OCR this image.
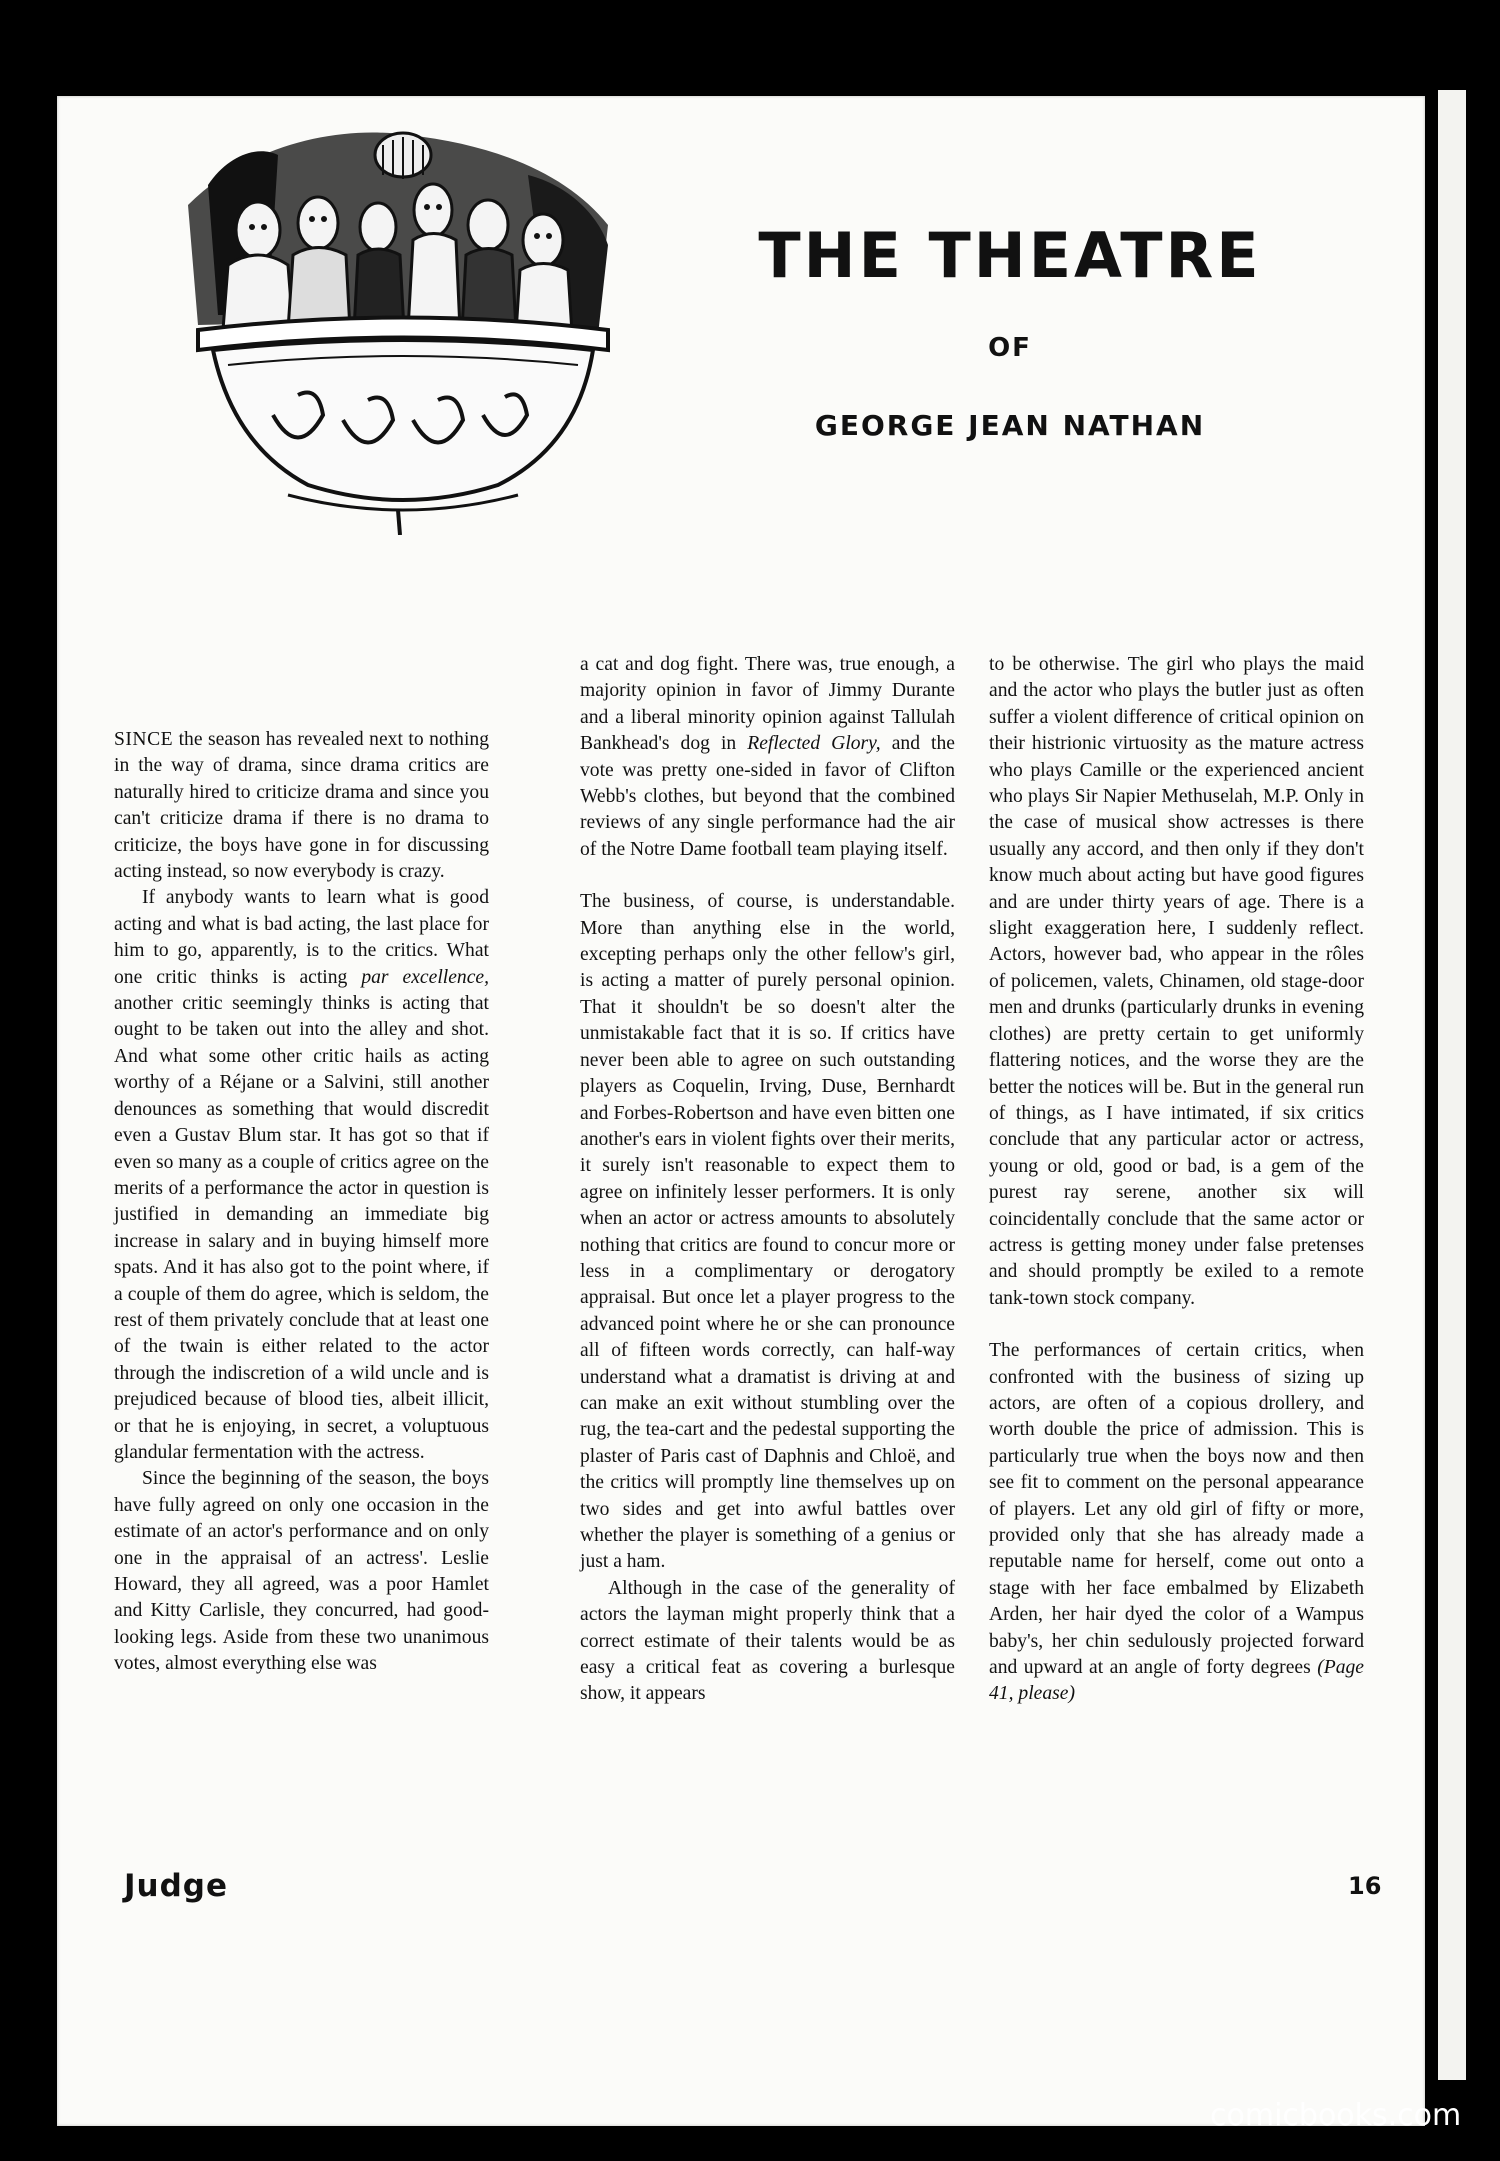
THE THEATRE
OF
GEORGE JEAN NATHAN

SINCE the season has revealed next to nothing in the way of drama, since drama critics are naturally hired to criticize drama and since you can't criticize drama if there is no drama to criticize, the boys have gone in for discussing acting instead, so now everybody is crazy.

If anybody wants to learn what is good acting and what is bad acting, the last place for him to go, apparently, is to the critics. What one critic thinks is acting par excellence, another critic seemingly thinks is acting that ought to be taken out into the alley and shot. And what some other critic hails as acting worthy of a Réjane or a Salvini, still another denounces as something that would discredit even a Gustav Blum star. It has got so that if even so many as a couple of critics agree on the merits of a performance the actor in question is justified in demanding an immediate big increase in salary and in buying himself more spats. And it has also got to the point where, if a couple of them do agree, which is seldom, the rest of them privately conclude that at least one of the twain is either related to the actor through the indiscretion of a wild uncle and is prejudiced because of blood ties, albeit illicit, or that he is enjoying, in secret, a voluptuous glandular fermentation with the actress.

Since the beginning of the season, the boys have fully agreed on only one occasion in the estimate of an actor's performance and on only one in the appraisal of an actress'. Leslie Howard, they all agreed, was a poor Hamlet and Kitty Carlisle, they concurred, had good-looking legs. Aside from these two unanimous votes, almost everything else was

a cat and dog fight. There was, true enough, a majority opinion in favor of Jimmy Durante and a liberal minority opinion against Tallulah Bankhead's dog in Reflected Glory, and the vote was pretty one-sided in favor of Clifton Webb's clothes, but beyond that the combined reviews of any single performance had the air of the Notre Dame football team playing itself.

The business, of course, is understandable. More than anything else in the world, excepting perhaps only the other fellow's girl, is acting a matter of purely personal opinion. That it shouldn't be so doesn't alter the unmistakable fact that it is so. If critics have never been able to agree on such outstanding players as Coquelin, Irving, Duse, Bernhardt and Forbes-Robertson and have even bitten one another's ears in violent fights over their merits, it surely isn't reasonable to expect them to agree on infinitely lesser performers. It is only when an actor or actress amounts to absolutely nothing that critics are found to concur more or less in a complimentary or derogatory appraisal. But once let a player progress to the advanced point where he or she can pronounce all of fifteen words correctly, can half-way understand what a dramatist is driving at and can make an exit without stumbling over the rug, the tea-cart and the pedestal supporting the plaster of Paris cast of Daphnis and Chloë, and the critics will promptly line themselves up on two sides and get into awful battles over whether the player is something of a genius or just a ham.

Although in the case of the generality of actors the layman might properly think that a correct estimate of their talents would be as easy a critical feat as covering a burlesque show, it appears

to be otherwise. The girl who plays the maid and the actor who plays the butler just as often suffer a violent difference of critical opinion on their histrionic virtuosity as the mature actress who plays Camille or the experienced ancient who plays Sir Napier Methuselah, M.P. Only in the case of musical show actresses is there usually any accord, and then only if they don't know much about acting but have good figures and are under thirty years of age. There is a slight exaggeration here, I suddenly reflect. Actors, however bad, who appear in the rôles of policemen, valets, Chinamen, old stage-door men and drunks (particularly drunks in evening clothes) are pretty certain to get uniformly flattering notices, and the worse they are the better the notices will be. But in the general run of things, as I have intimated, if six critics conclude that any particular actor or actress, young or old, good or bad, is a gem of the purest ray serene, another six will coincidentally conclude that the same actor or actress is getting money under false pretenses and should promptly be exiled to a remote tank-town stock company.

The performances of certain critics, when confronted with the business of sizing up actors, are often of a copious drollery, and worth double the price of admission. This is particularly true when the boys now and then see fit to comment on the personal appearance of players. Let any old girl of fifty or more, provided only that she has already made a reputable name for herself, come out onto a stage with her face embalmed by Elizabeth Arden, her hair dyed the color of a Wampus baby's, her chin sedulously projected forward and upward at an angle of forty degrees (Page 41, please)

Judge	16
comicbooks.com
